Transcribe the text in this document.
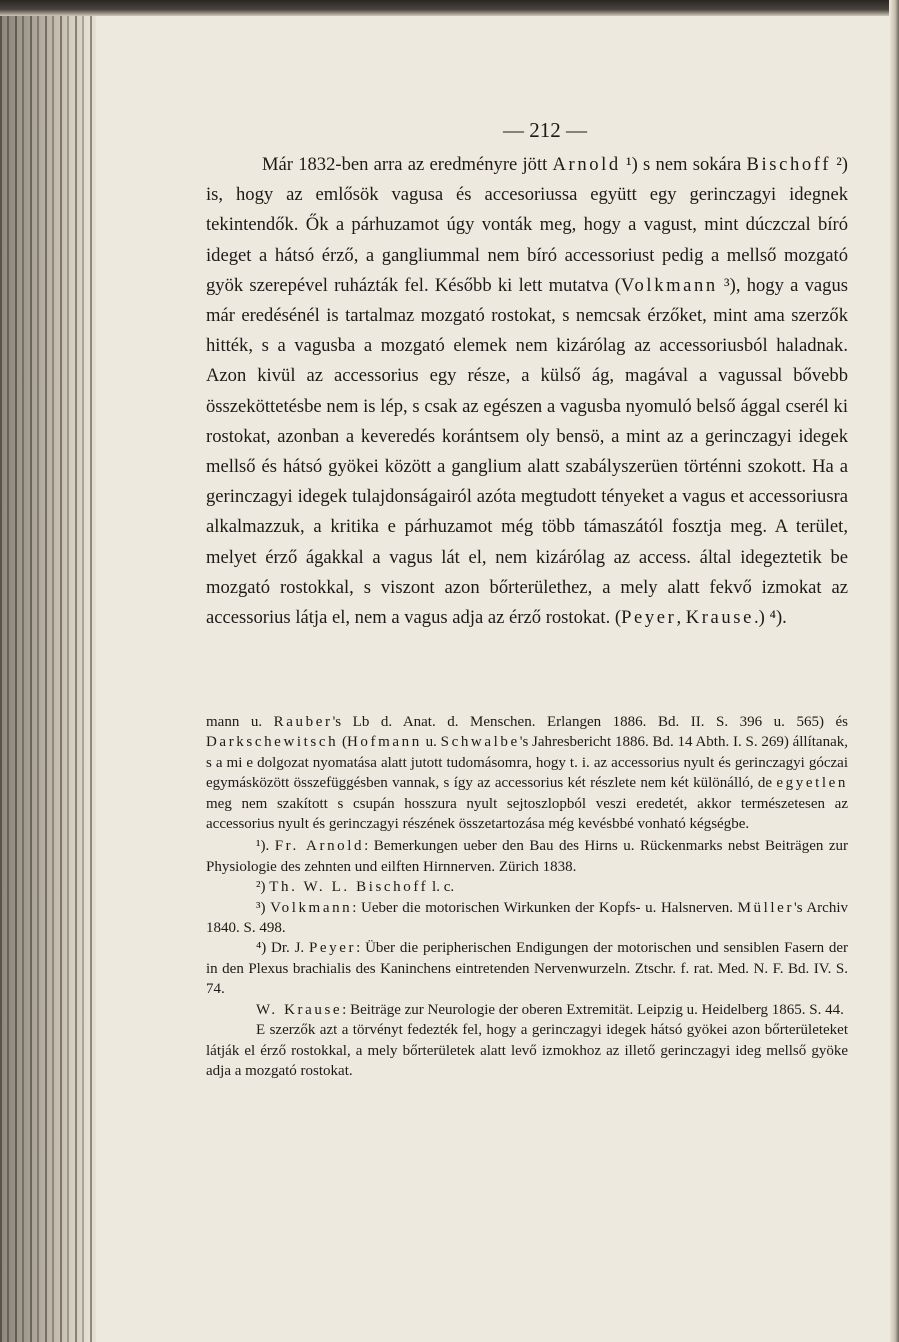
— 212 —
Már 1832-ben arra az eredményre jött Arnold ¹) s nem sokára Bischoff ²) is, hogy az emlősök vagusa és accesoriussa együtt egy gerinczagyi idegnek tekintendők. Ők a párhuzamot úgy vonták meg, hogy a vagust, mint dúczczal bíró ideget a hátsó érző, a gangliummal nem bíró accessoriust pedig a mellső mozgató gyök szerepével ruházták fel. Később ki lett mutatva (Volkmann ³), hogy a vagus már eredésénél is tartalmaz mozgató rostokat, s nemcsak érzőket, mint ama szerzők hitték, s a vagusba a mozgató elemek nem kizárólag az accessoriusból haladnak. Azon kivül az accessorius egy része, a külső ág, magával a vagussal bővebb összeköttetésbe nem is lép, s csak az egészen a vagusba nyomuló belső ággal cserél ki rostokat, azonban a keveredés korántsem oly bensö, a mint az a gerinczagyi idegek mellső és hátsó gyökei között a ganglium alatt szabályszerüen történni szokott. Ha a gerinczagyi idegek tulajdonságairól azóta megtudott tényeket a vagus et accessoriusra alkalmazzuk, a kritika e párhuzamot még több támaszától fosztja meg. A terület, melyet érző ágakkal a vagus lát el, nem kizárólag az access. által idegeztetik be mozgató rostokkal, s viszont azon bőrterülethez, a mely alatt fekvő izmokat az accessorius látja el, nem a vagus adja az érző rostokat. (Peyer, Krause.) ⁴).

mann u. Rauber's Lb d. Anat. d. Menschen. Erlangen 1886. Bd. II. S. 396 u. 565) és Darkschewitsch (Hofmann u. Schwalbe's Jahresbericht 1886. Bd. 14 Abth. I. S. 269) állítanak, s a mi e dolgozat nyomatása alatt jutott tudomásomra, hogy t. i. az accessorius nyult és gerinczagyi góczai egymásközött összefüggésben vannak, s így az accessorius két részlete nem két különálló, de egyetlen meg nem szakított s csupán hosszura nyult sejtoszlopból veszi eredetét, akkor természetesen az accessorius nyult és gerinczagyi részének összetartozása még kevésbbé vonható kégségbe.

¹). Fr. Arnold: Bemerkungen ueber den Bau des Hirns u. Rückenmarks nebst Beiträgen zur Physiologie des zehnten und eilften Hirnnerven. Zürich 1838.

²) Th. W. L. Bischoff l. c.

³) Volkmann: Ueber die motorischen Wirkunken der Kopfs- u. Halsnerven. Müller's Archiv 1840. S. 498.

⁴) Dr. J. Peyer: Über die peripherischen Endigungen der motorischen und sensiblen Fasern der in den Plexus brachialis des Kaninchens eintretenden Nervenwurzeln. Ztschr. f. rat. Med. N. F. Bd. IV. S. 74.

W. Krause: Beiträge zur Neurologie der oberen Extremität. Leipzig u. Heidelberg 1865. S. 44.

E szerzők azt a törvényt fedezték fel, hogy a gerinczagyi idegek hátsó gyökei azon bőrterületeket látják el érző rostokkal, a mely bőrterületek alatt levő izmokhoz az illető gerinczagyi ideg mellső gyöke adja a mozgató rostokat.
